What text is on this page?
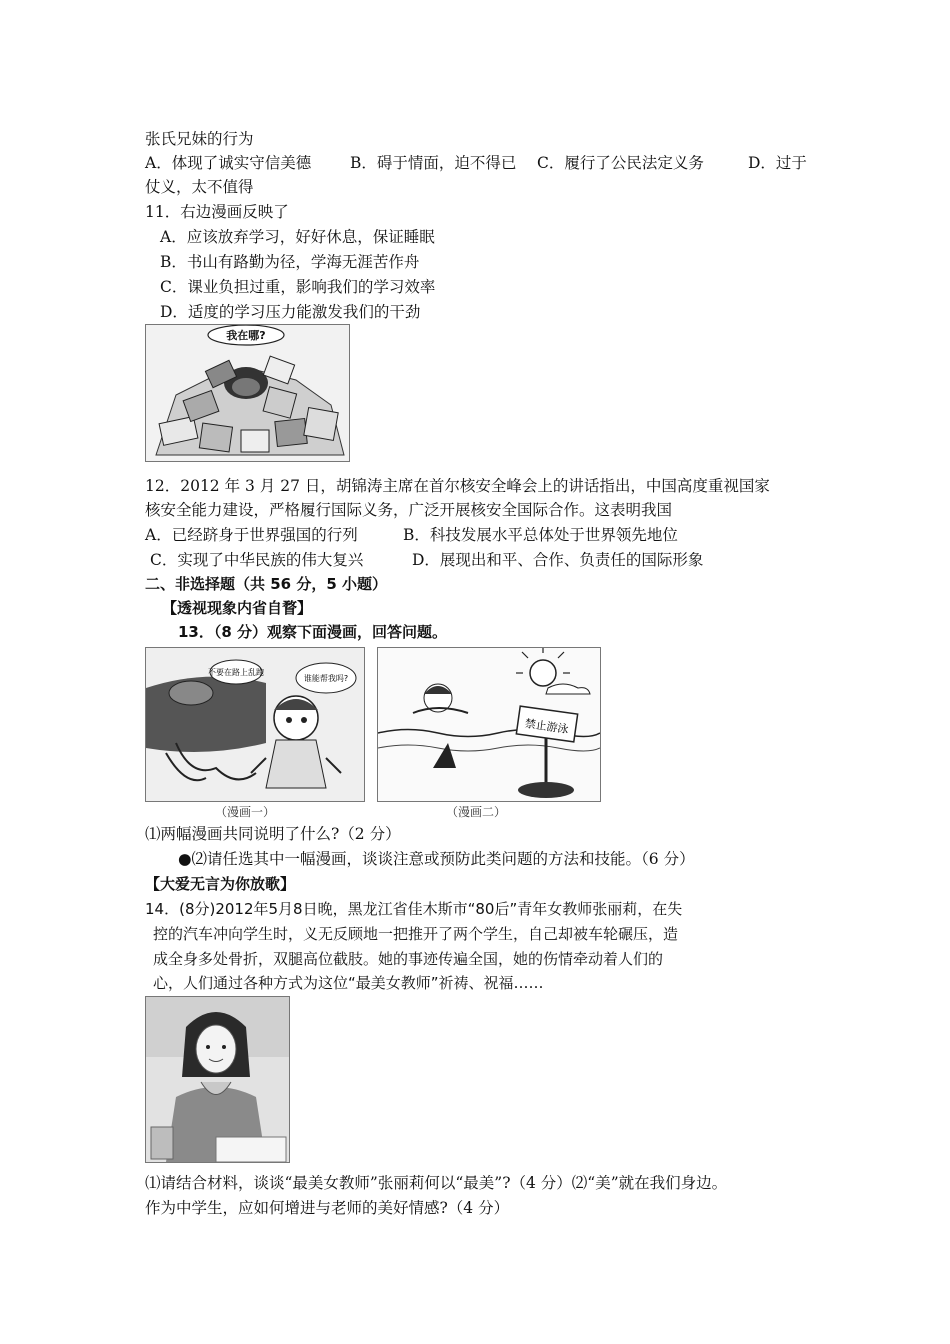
张氏兄妹的行为
A．体现了诚实守信美德	B．碍于情面，迫不得已 C．履行了公民法定义务	D．过于
仗义，太不值得
11．右边漫画反映了
A．应该放弃学习，好好休息，保证睡眠
B．书山有路勤为径，学海无涯苦作舟
C．课业负担过重，影响我们的学习效率
D．适度的学习压力能激发我们的干劲
我在哪?
12．2012 年 3 月 27 日，胡锦涛主席在首尔核安全峰会上的讲话指出，中国高度重视国家
核安全能力建设，严格履行国际义务，广泛开展核安全国际合作。这表明我国
A．已经跻身于世界强国的行列	B．科技发展水平总体处于世界领先地位
C．实现了中华民族的伟大复兴	D．展现出和平、合作、负责任的国际形象
二、非选择题（共 56 分，5 小题）
【透视现象内省自瞀】
13．（8 分）观察下面漫画，回答问题。
不要在路上乱跑
谁能帮我吗?
（漫画一）
禁止游泳
（漫画二）
⑴两幅漫画共同说明了什么?（2 分）
●⑵请任选其中一幅漫画，谈谈注意或预防此类问题的方法和技能。（6 分）
【大爱无言为你放歌】
14．(8分)2012年5月8日晚，黑龙江省佳木斯市“80后”青年女教师张丽莉，在失
控的汽车冲向学生时，义无反顾地一把推开了两个学生，自己却被车轮碾压，造
成全身多处骨折，双腿高位截肢。她的事迹传遍全国，她的伤情牵动着人们的
心，人们通过各种方式为这位“最美女教师”祈祷、祝福……
⑴请结合材料，谈谈“最美女教师”张丽莉何以“最美”?（4 分）⑵“美”就在我们身边。
作为中学生，应如何增进与老师的美好情感?（4 分）
